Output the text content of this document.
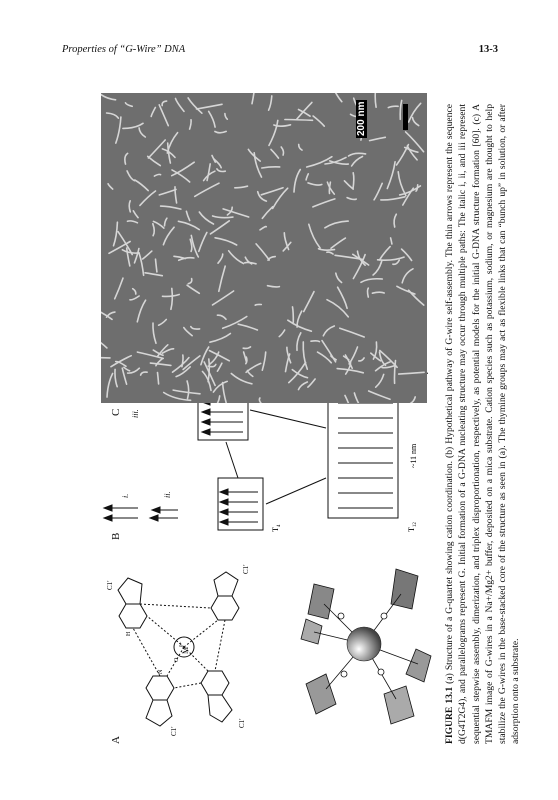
Properties of “G-Wire” DNA	13-3
A
M
n+
C1′
C1′
C1′
C1′
N
H
O
B
i.	ii.
iii.
$T_4$
$T_{12}$
~11 nm
C
200 nm
FIGURE 13.1 (a) Structure of a G-quartet showing cation coordination. (b) Hypothetical pathway of G-wire self-assembly. The thin arrows represent the sequence d(G4T2G4), and parallelograms represent G. Initial formation of a G-DNA nucleating structure may occur through multiple paths: The italic i, ii, and iii represent sequential stepwise assembly, dimerization, and triplex disproportionation, respectively, as potential models for the initial G-DNA structure formation [60]. (c) A TMAFM image of G-wires in a Na+/Mg2+ buffer, deposited on a mica substrate. Cation species such as potassium, sodium, or magnesium are thought to help stabilize the G-wires in the base-stacked core of the structure as seen in (a). The thymine groups may act as flexible links that can “bunch up” in solution, or after adsorption onto a substrate.
